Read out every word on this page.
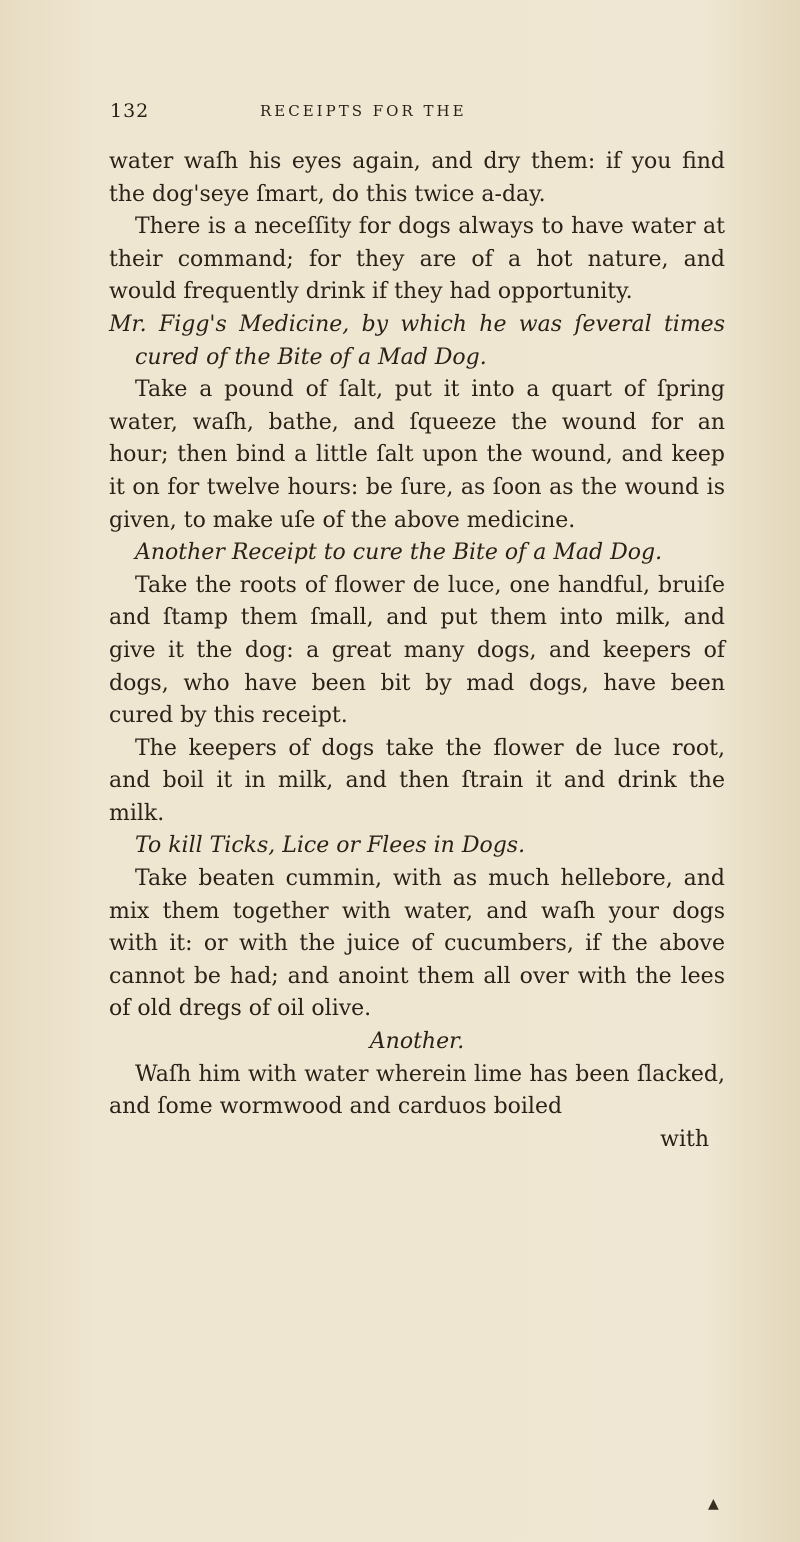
132	RECEIPTS FOR THE

water waſh his eyes again, and dry them: if you find the dog'seye ſmart, do this twice a-day.

There is a neceſſity for dogs always to have water at their command; for they are of a hot nature, and would frequently drink if they had opportunity.

Mr. Figg's Medicine, by which he was ſeveral times cured of the Bite of a Mad Dog.

Take a pound of ſalt, put it into a quart of ſpring water, waſh, bathe, and ſqueeze the wound for an hour; then bind a little ſalt upon the wound, and keep it on for twelve hours: be ſure, as ſoon as the wound is given, to make uſe of the above medicine.

Another Receipt to cure the Bite of a Mad Dog.

Take the roots of flower de luce, one handful, bruiſe and ſtamp them ſmall, and put them into milk, and give it the dog: a great many dogs, and keepers of dogs, who have been bit by mad dogs, have been cured by this receipt.

The keepers of dogs take the flower de luce root, and boil it in milk, and then ſtrain it and drink the milk.

To kill Ticks, Lice or Flees in Dogs.

Take beaten cummin, with as much hellebore, and mix them together with water, and waſh your dogs with it: or with the juice of cucumbers, if the above cannot be had; and anoint them all over with the lees of old dregs of oil olive.

Another.

Waſh him with water wherein lime has been ſlacked, and ſome wormwood and carduos boiled

with

▲
